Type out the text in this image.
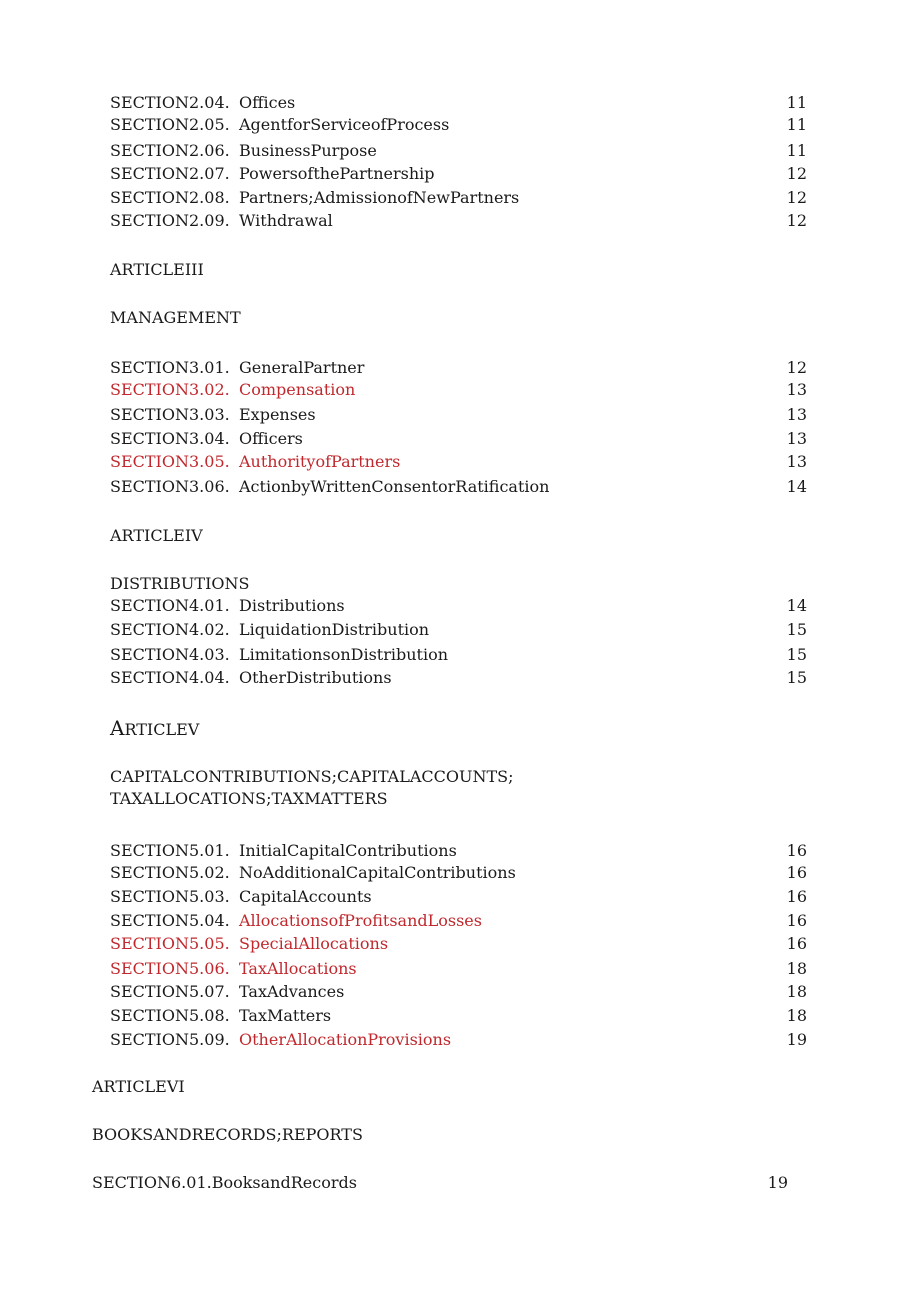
SECTION2.04. Offices	11
SECTION2.05. AgentforServiceofProcess	11
SECTION2.06. BusinessPurpose	11
SECTION2.07. PowersofthePartnership	12
SECTION2.08. Partners;AdmissionofNewPartners	12
SECTION2.09. Withdrawal	12
ARTICLEIII
MANAGEMENT
SECTION3.01. GeneralPartner	12
SECTION3.02. Compensation	13
SECTION3.03. Expenses	13
SECTION3.04. Officers	13
SECTION3.05. AuthorityofPartners	13
SECTION3.06. ActionbyWrittenConsentorRatification	14
ARTICLEIV
DISTRIBUTIONS
SECTION4.01. Distributions	14
SECTION4.02. LiquidationDistribution	15
SECTION4.03. LimitationsonDistribution	15
SECTION4.04. OtherDistributions	15
ARTICLEV
CAPITALCONTRIBUTIONS;CAPITALACCOUNTS;
TAXALLOCATIONS;TAXMATTERS
SECTION5.01. InitialCapitalContributions	16
SECTION5.02. NoAdditionalCapitalContributions	16
SECTION5.03. CapitalAccounts	16
SECTION5.04. AllocationsofProfitsandLosses	16
SECTION5.05. SpecialAllocations	16
SECTION5.06. TaxAllocations	18
SECTION5.07. TaxAdvances	18
SECTION5.08. TaxMatters	18
SECTION5.09. OtherAllocationProvisions	19
ARTICLEVI
BOOKSANDRECORDS;REPORTS
SECTION6.01.BooksandRecords	19
